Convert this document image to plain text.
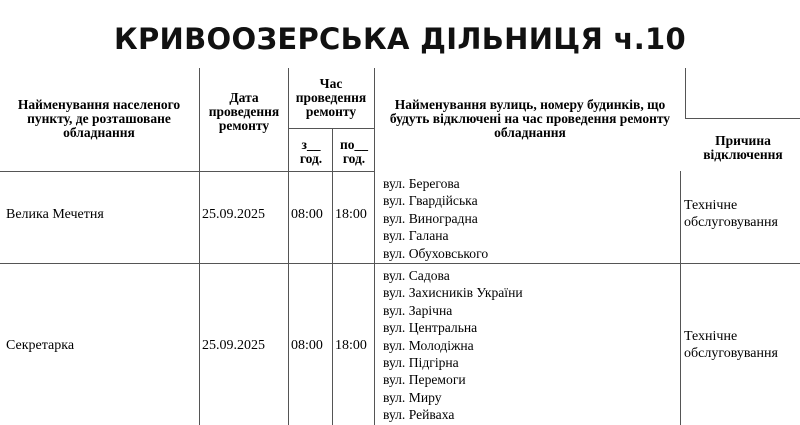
КРИВООЗЕРСЬКА ДІЛЬНИЦЯ ч.10
Найменування населеного пункту, де розташоване обладнання
Дата проведення ремонту
Час проведення ремонту
з__ год.
по__ год.
Найменування вулиць, номеру будинків, що будуть відключені на час проведення ремонту обладнання
Причина відключення
Велика Мечетня	25.09.2025 08:00 18:00
вул. Берегова
вул. Гвардійська
вул. Виноградна
вул. Галана
вул. Обуховського
Технічне обслуговування
Секретарка	25.09.2025 08:00 18:00
вул. Садова
вул. Захисників України
вул. Зарічна
вул. Центральна
вул. Молодіжна
вул. Підгірна
вул. Перемоги
вул. Миру
вул. Рейваха
Технічне обслуговування
